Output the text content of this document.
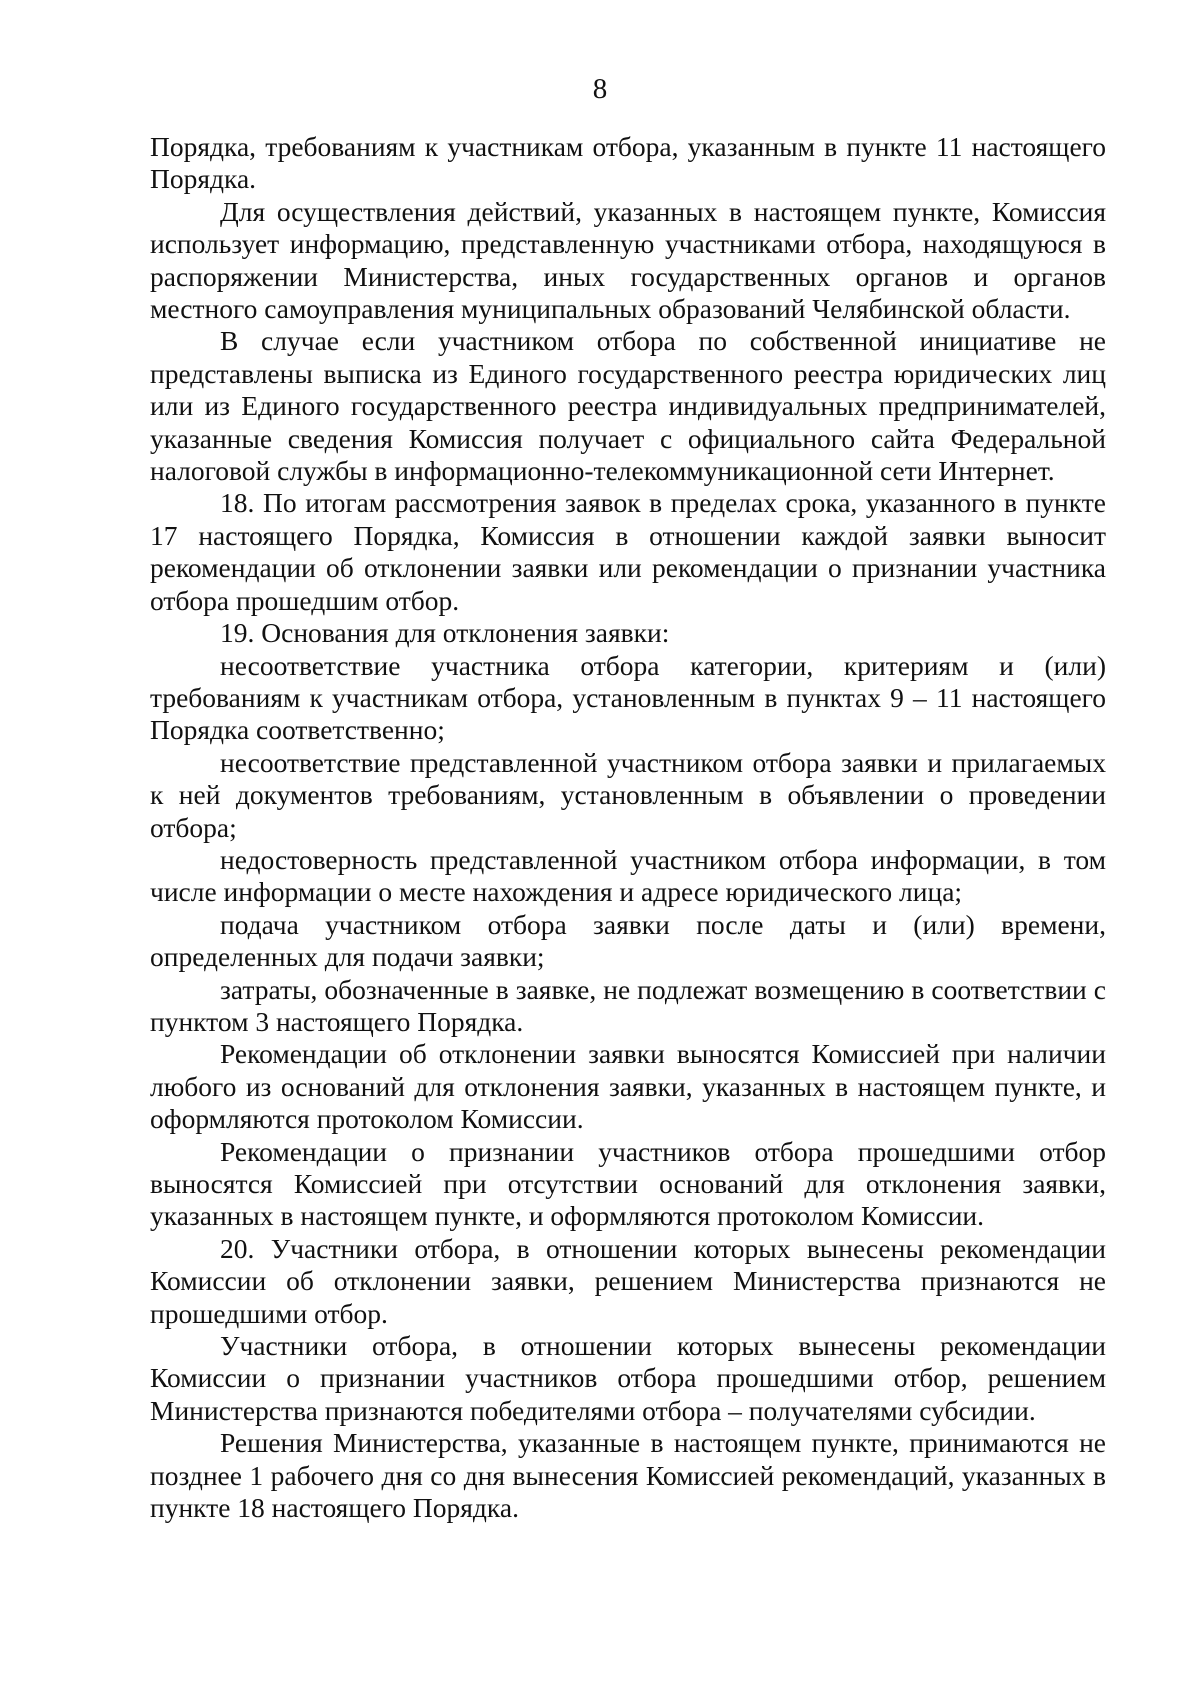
8

Порядка, требованиям к участникам отбора, указанным в пункте 11 настоящего Порядка.

Для осуществления действий, указанных в настоящем пункте, Комиссия использует информацию, представленную участниками отбора, находящуюся в распоряжении Министерства, иных государственных органов и органов местного самоуправления муниципальных образований Челябинской области.

В случае если участником отбора по собственной инициативе не представлены выписка из Единого государственного реестра юридических лиц или из Единого государственного реестра индивидуальных предпринимателей, указанные сведения Комиссия получает с официального сайта Федеральной налоговой службы в информационно-телекоммуникационной сети Интернет.

18. По итогам рассмотрения заявок в пределах срока, указанного в пункте 17 настоящего Порядка, Комиссия в отношении каждой заявки выносит рекомендации об отклонении заявки или рекомендации о признании участника отбора прошедшим отбор.

19. Основания для отклонения заявки:

несоответствие участника отбора категории, критериям и (или) требованиям к участникам отбора, установленным в пунктах 9 – 11 настоящего Порядка соответственно;

несоответствие представленной участником отбора заявки и прилагаемых к ней документов требованиям, установленным в объявлении о проведении отбора;

недостоверность представленной участником отбора информации, в том числе информации о месте нахождения и адресе юридического лица;

подача участником отбора заявки после даты и (или) времени, определенных для подачи заявки;

затраты, обозначенные в заявке, не подлежат возмещению в соответствии с пунктом 3 настоящего Порядка.

Рекомендации об отклонении заявки выносятся Комиссией при наличии любого из оснований для отклонения заявки, указанных в настоящем пункте, и оформляются протоколом Комиссии.

Рекомендации о признании участников отбора прошедшими отбор выносятся Комиссией при отсутствии оснований для отклонения заявки, указанных в настоящем пункте, и оформляются протоколом Комиссии.

20. Участники отбора, в отношении которых вынесены рекомендации Комиссии об отклонении заявки, решением Министерства признаются не прошедшими отбор.

Участники отбора, в отношении которых вынесены рекомендации Комиссии о признании участников отбора прошедшими отбор, решением Министерства признаются победителями отбора – получателями субсидии.

Решения Министерства, указанные в настоящем пункте, принимаются не позднее 1 рабочего дня со дня вынесения Комиссией рекомендаций, указанных в пункте 18 настоящего Порядка.
